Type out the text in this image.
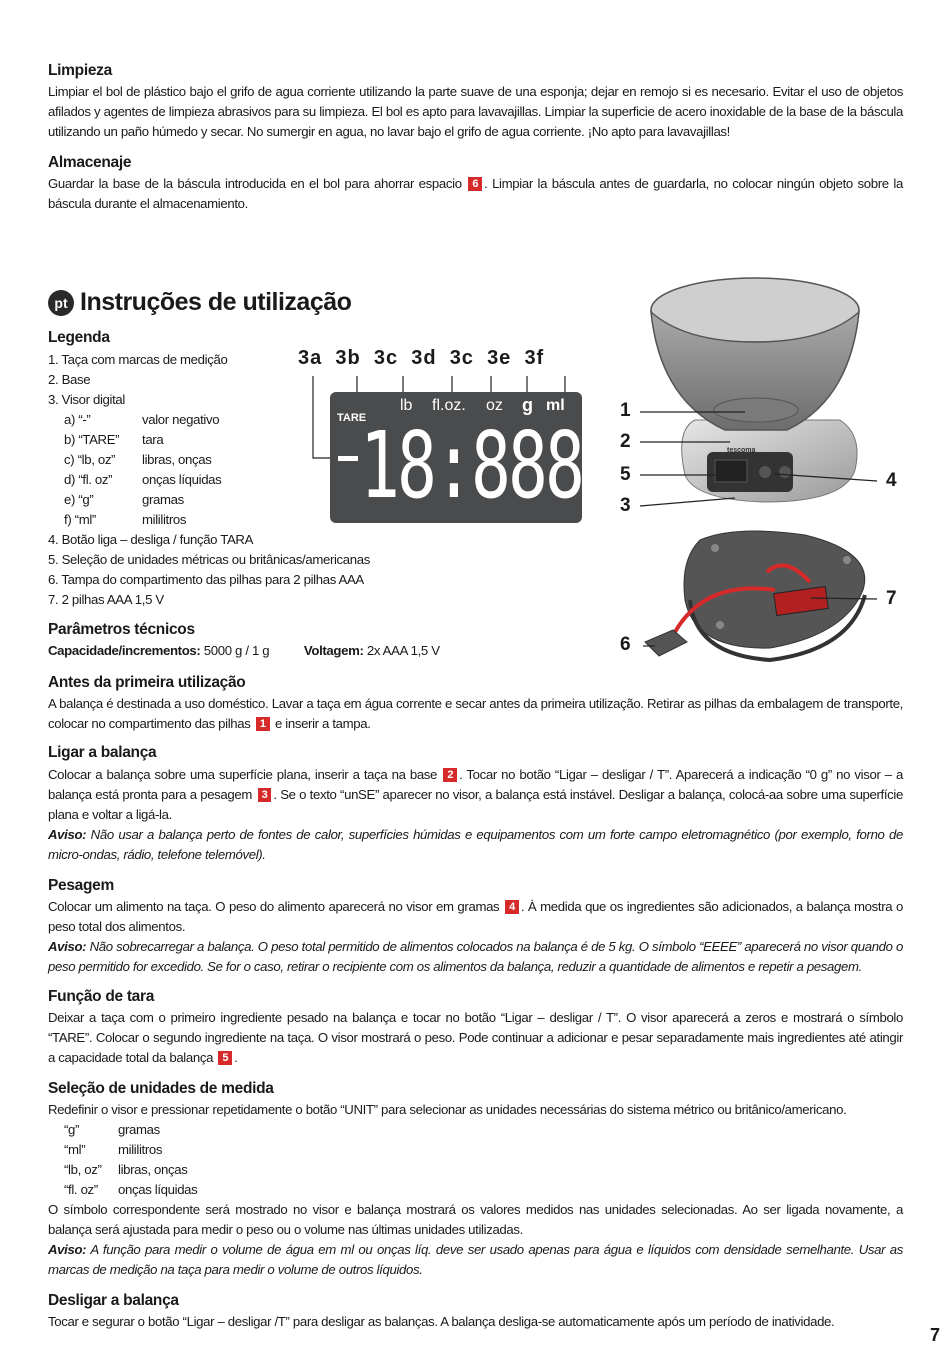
Limpieza

Limpiar el bol de plástico bajo el grifo de agua corriente utilizando la parte suave de una esponja; dejar en remojo si es necesario. Evitar el uso de objetos afilados y agentes de limpieza abrasivos para su limpieza. El bol es apto para lavavajillas. Limpiar la superficie de acero inoxidable de la base de la báscula utilizando un paño húmedo y secar. No sumergir en agua, no lavar bajo el grifo de agua corriente. ¡No apto para lavavajillas!

Almacenaje

Guardar la base de la báscula introducida en el bol para ahorrar espacio 6 . Limpiar la báscula antes de guardarla, no colocar ningún objeto sobre la báscula durante el almacenamiento.

pt Instruções de utilização
Legenda
1. Taça com marcas de medição
2. Base
3. Visor digital
a) “-”	valor negativo
b) “TARE”	tara
c) “lb, oz”	libras, onças
d) “fl. oz”	onças líquidas
e) “g”	gramas
f) “ml”	mililitros
4. Botão liga – desliga / função TARA
5. Seleção de unidades métricas ou britânicas/americanas
6. Tampa do compartimento das pilhas para 2 pilhas AAA
7. 2 pilhas AAA 1,5 V
3a 3b 3c 3d 3c 3e 3f
TARE
lb fl.oz. oz g ml
18:888
1
2
5
3
4
7
6
tescoma
Parâmetros técnicos
Capacidade/incrementos: 5000 g / 1 g	Voltagem: 2x AAA 1,5 V
Antes da primeira utilização

A balança é destinada a uso doméstico. Lavar a taça em água corrente e secar antes da primeira utilização. Retirar as pilhas da embalagem de transporte, colocar no compartimento das pilhas 1 e inserir a tampa.

Ligar a balança

Colocar a balança sobre uma superfície plana, inserir a taça na base 2 . Tocar no botão “Ligar – desligar / T”. Aparecerá a indicação “0 g” no visor – a balança está pronta para a pesagem 3 . Se o texto “unSE” aparecer no visor, a balança está instável. Desligar a balança, colocá-aa sobre uma superfície plana e voltar a ligá-la.

Aviso: Não usar a balança perto de fontes de calor, superfícies húmidas e equipamentos com um forte campo eletromagnético (por exemplo, forno de micro-ondas, rádio, telefone telemóvel).

Pesagem

Colocar um alimento na taça. O peso do alimento aparecerá no visor em gramas 4 . À medida que os ingredientes são adicionados, a balança mostra o peso total dos alimentos.

Aviso: Não sobrecarregar a balança. O peso total permitido de alimentos colocados na balança é de 5 kg. O símbolo “EEEE” aparecerá no visor quando o peso permitido for excedido. Se for o caso, retirar o recipiente com os alimentos da balança, reduzir a quantidade de alimentos e repetir a pesagem.

Função de tara

Deixar a taça com o primeiro ingrediente pesado na balança e tocar no botão “Ligar – desligar / T”. O visor aparecerá a zeros e mostrará o símbolo “TARE”. Colocar o segundo ingrediente na taça. O visor mostrará o peso. Pode continuar a adicionar e pesar separadamente mais ingredientes até atingir a capacidade total da balança 5 .

Seleção de unidades de medida

Redefinir o visor e pressionar repetidamente o botão “UNIT” para selecionar as unidades necessárias do sistema métrico ou britânico/americano.

“g”	gramas
“ml”	mililitros
“lb, oz”	libras, onças
“fl. oz”	onças líquidas

O símbolo correspondente será mostrado no visor e balança mostrará os valores medidos nas unidades selecionadas. Ao ser ligada novamente, a balança será ajustada para medir o peso ou o volume nas últimas unidades utilizadas.

Aviso: A função para medir o volume de água em ml ou onças líq. deve ser usado apenas para água e líquidos com densidade semelhante. Usar as marcas de medição na taça para medir o volume de outros líquidos.

Desligar a balança

Tocar e segurar o botão “Ligar – desligar /T” para desligar as balanças. A balança desliga-se automaticamente após um período de inatividade.

7
